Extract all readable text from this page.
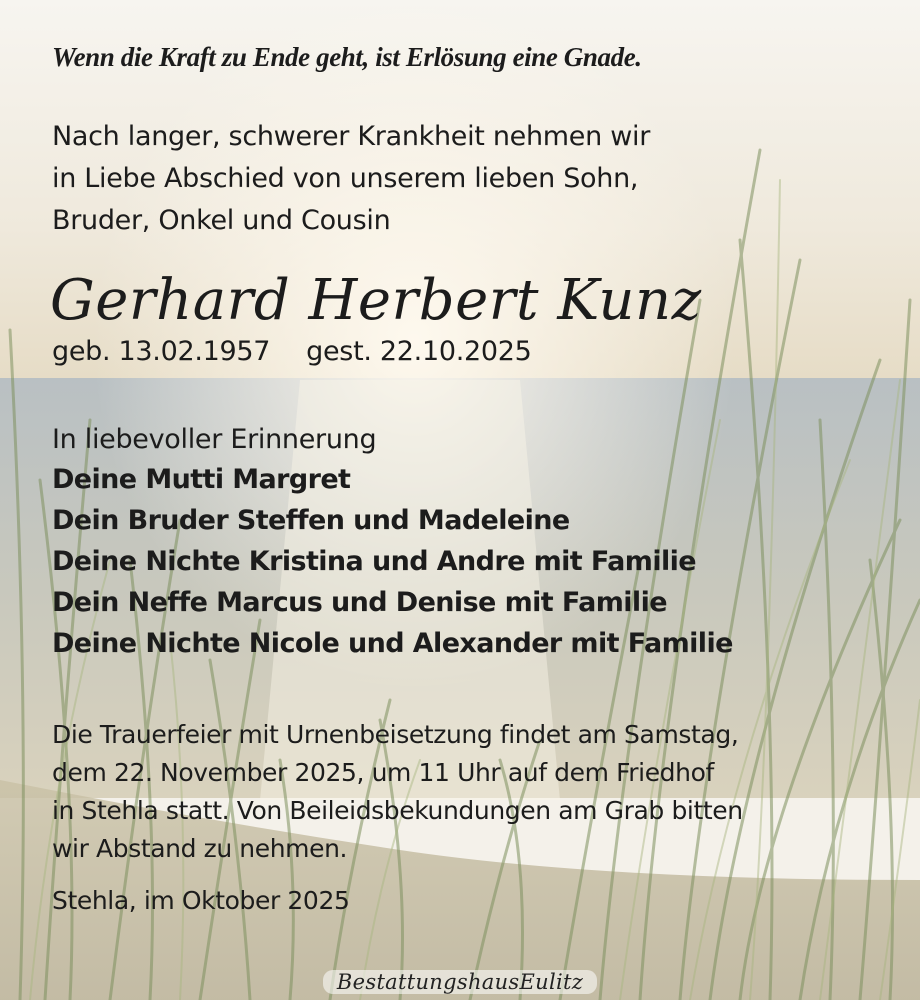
Wenn die Kraft zu Ende geht, ist Erlösung eine Gnade.

Nach langer, schwerer Krankheit nehmen wir
in Liebe Abschied von unserem lieben Sohn,
Bruder, Onkel und Cousin
Gerhard Herbert Kunz
geb. 13.02.1957 gest. 22.10.2025
In liebevoller Erinnerung
Deine Mutti Margret
Dein Bruder Steffen und Madeleine
Deine Nichte Kristina und Andre mit Familie
Dein Neffe Marcus und Denise mit Familie
Deine Nichte Nicole und Alexander mit Familie
Die Trauerfeier mit Urnenbeisetzung findet am Samstag,
dem 22. November 2025, um 11 Uhr auf dem Friedhof
in Stehla statt. Von Beileidsbekundungen am Grab bitten
wir Abstand zu nehmen.
Stehla, im Oktober 2025
BestattungshausEulitz
